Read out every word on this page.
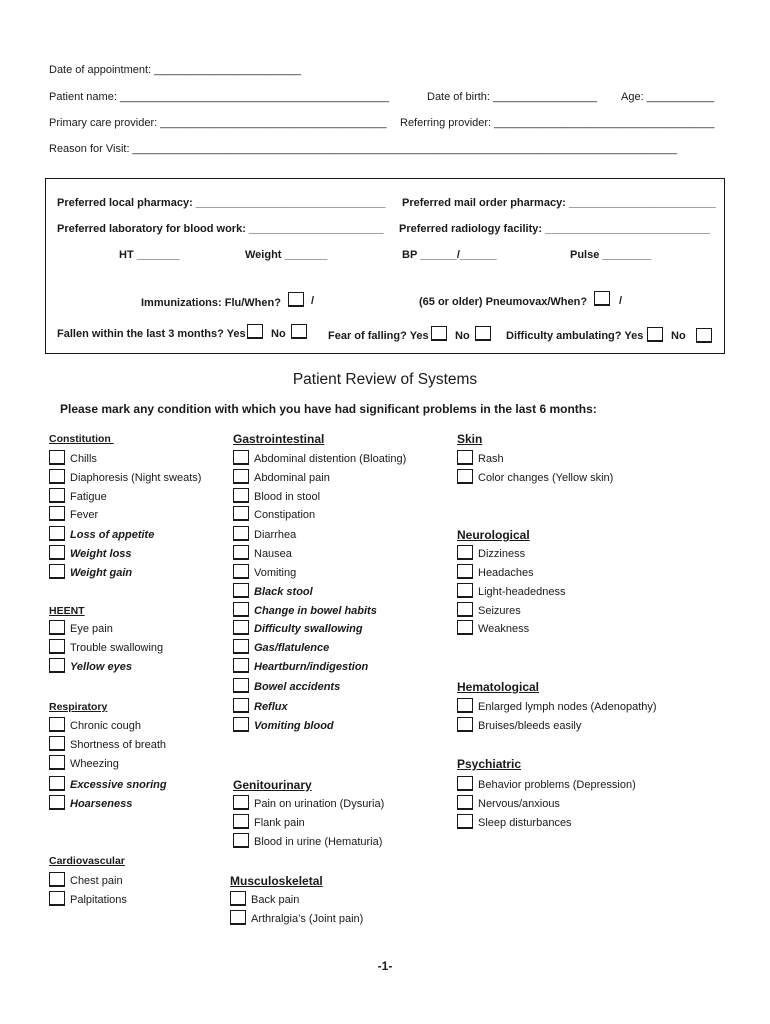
Date of appointment: ________________________
Patient name: ____________________________________________	Date of birth: _________________ Age: ___________
Primary care provider: _____________________________________ Referring provider: ____________________________________
Reason for Visit: _________________________________________________________________________________________
Preferred local pharmacy: _______________________________ Preferred mail order pharmacy: ________________________
Preferred laboratory for blood work: ______________________ Preferred radiology facility: ___________________________
HT _______	Weight _______	BP ______/______	Pulse ________
Immunizations: Flu/When?	/	(65 or older) Pneumovax/When?	/
Fallen within the last 3 months? Yes No	Fear of falling? Yes No	Difficulty ambulating? Yes	No
Patient Review of Systems
Please mark any condition with which you have had significant problems in the last 6 months:
Constitution
Chills
Diaphoresis (Night sweats)
Fatigue
Fever
Loss of appetite
Weight loss
Weight gain
HEENT
Eye pain
Trouble swallowing
Yellow eyes
Respiratory
Chronic cough
Shortness of breath
Wheezing
Excessive snoring
Hoarseness
Cardiovascular
Chest pain
Palpitations
Gastrointestinal
Abdominal distention (Bloating)
Abdominal pain
Blood in stool
Constipation
Diarrhea
Nausea
Vomiting
Black stool
Change in bowel habits
Difficulty swallowing
Gas/flatulence
Heartburn/indigestion
Bowel accidents
Reflux
Vomiting blood
Genitourinary
Pain on urination (Dysuria)
Flank pain
Blood in urine (Hematuria)
Musculoskeletal
Back pain
Arthralgia’s (Joint pain)
Skin
Rash
Color changes (Yellow skin)
Neurological
Dizziness
Headaches
Light-headedness
Seizures
Weakness
Hematological
Enlarged lymph nodes (Adenopathy)
Bruises/bleeds easily
Psychiatric
Behavior problems (Depression)
Nervous/anxious
Sleep disturbances
-1-
